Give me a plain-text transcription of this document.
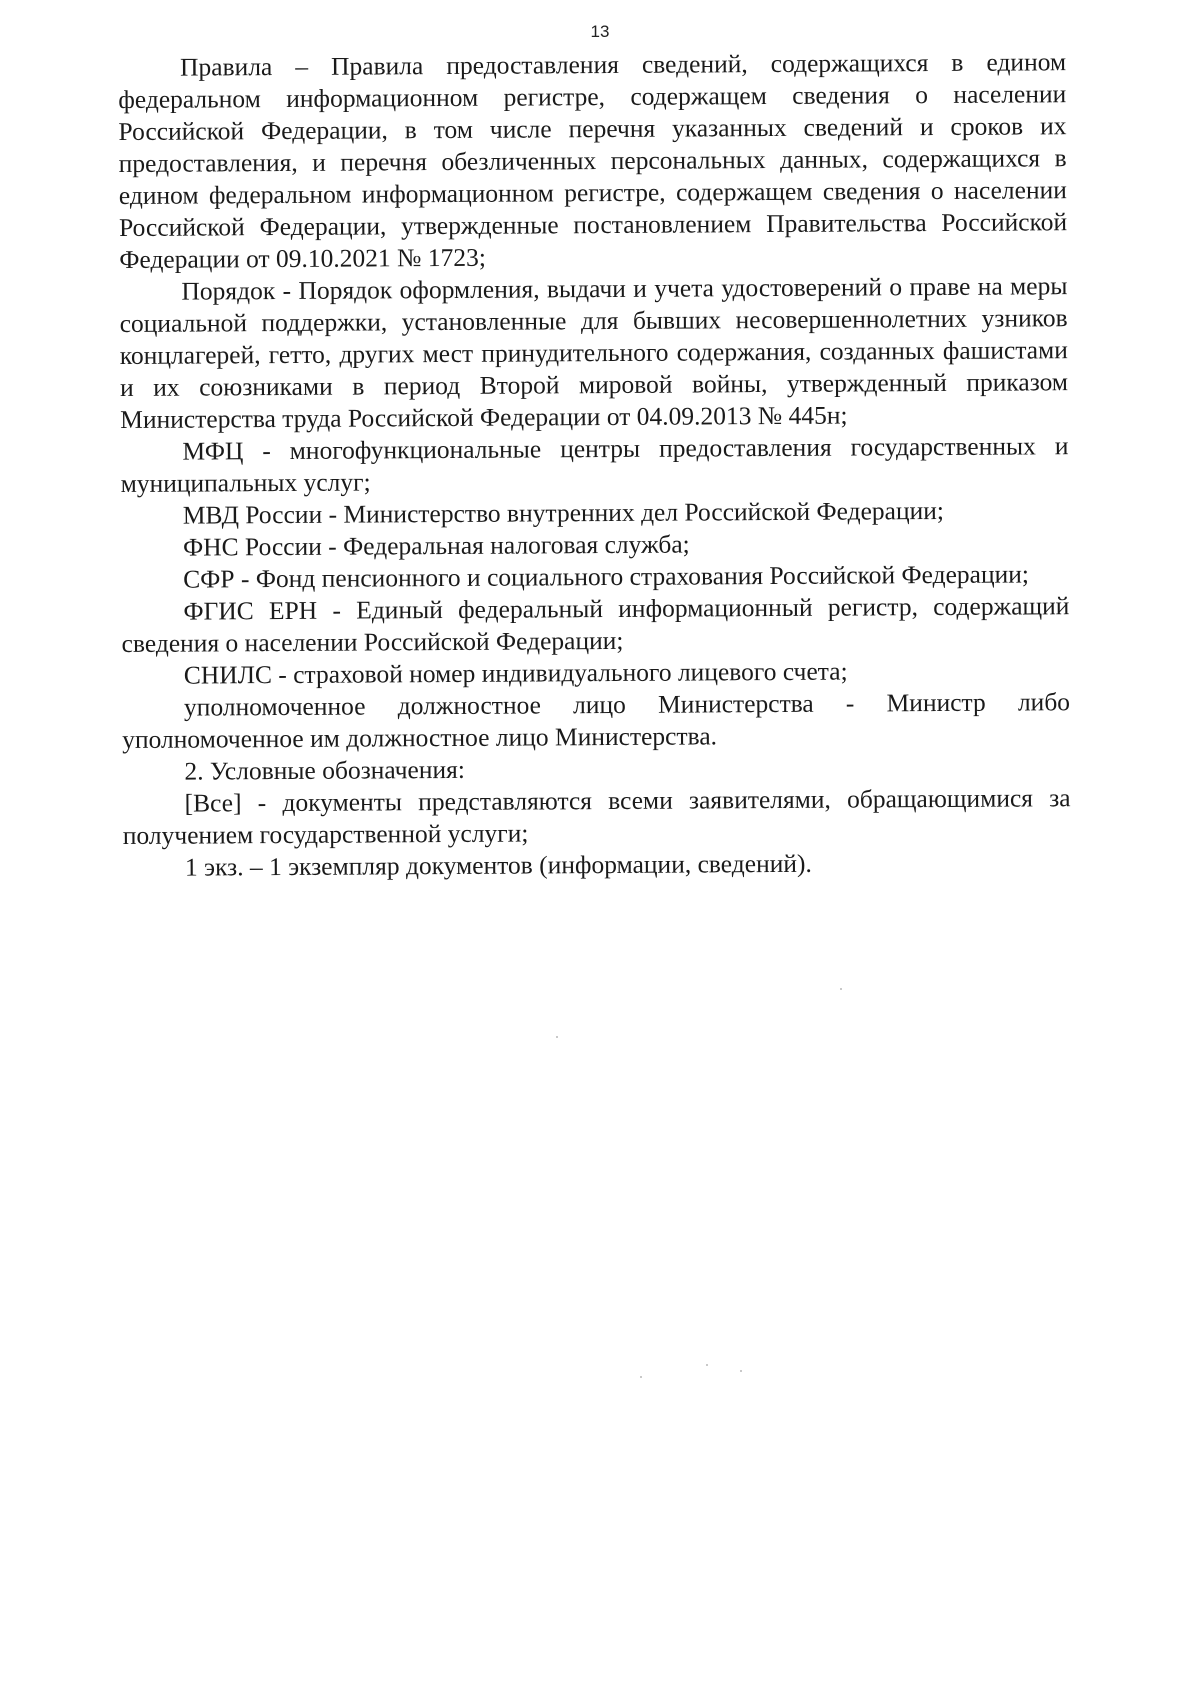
13

Правила – Правила предоставления сведений, содержащихся в едином федеральном информационном регистре, содержащем сведения о населении Российской Федерации, в том числе перечня указанных сведений и сроков их предоставления, и перечня обезличенных персональных данных, содержащихся в едином федеральном информационном регистре, содержащем сведения о населении Российской Федерации, утвержденные постановлением Правительства Российской Федерации от 09.10.2021 № 1723;

Порядок - Порядок оформления, выдачи и учета удостоверений о праве на меры социальной поддержки, установленные для бывших несовершеннолетних узников концлагерей, гетто, других мест принудительного содержания, созданных фашистами и их союзниками в период Второй мировой войны, утвержденный приказом Министерства труда Российской Федерации от 04.09.2013 № 445н;

МФЦ - многофункциональные центры предоставления государственных и муниципальных услуг;

МВД России - Министерство внутренних дел Российской Федерации;

ФНС России - Федеральная налоговая служба;

СФР - Фонд пенсионного и социального страхования Российской Федерации;

ФГИС ЕРН - Единый федеральный информационный регистр, содержащий сведения о населении Российской Федерации;

СНИЛС - страховой номер индивидуального лицевого счета;

уполномоченное должностное лицо Министерства - Министр либо уполномоченное им должностное лицо Министерства.

2. Условные обозначения:

[Все] - документы представляются всеми заявителями, обращающимися за получением государственной услуги;

1 экз. – 1 экземпляр документов (информации, сведений).
